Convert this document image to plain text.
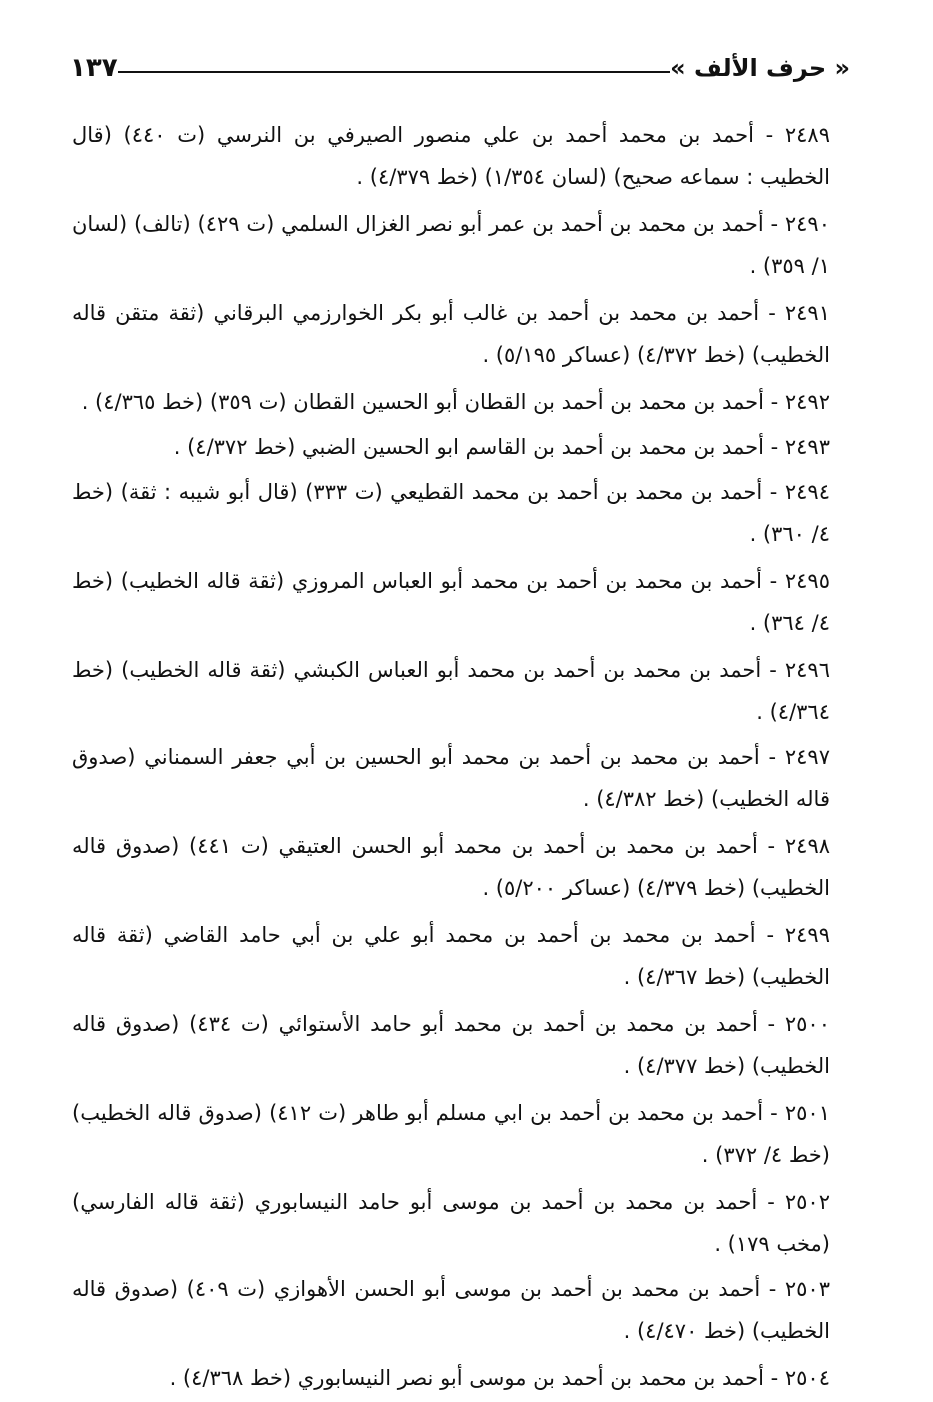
١٣٧	« حرف الألف »
٢٤٨٩ - أحمد بن محمد أحمد بن علي منصور الصيرفي بن النرسي (ت ٤٤٠) (قال الخطيب : سماعه صحيح) (لسان ١/٣٥٤) (خط ٤/٣٧٩) .
٢٤٩٠ - أحمد بن محمد بن أحمد بن عمر أبو نصر الغزال السلمي (ت ٤٢٩) (تالف) (لسان ١/ ٣٥٩) .
٢٤٩١ - أحمد بن محمد بن أحمد بن غالب أبو بكر الخوارزمي البرقاني (ثقة متقن قاله الخطيب) (خط ٤/٣٧٢) (عساكر ٥/١٩٥) .
٢٤٩٢ - أحمد بن محمد بن أحمد بن القطان أبو الحسين القطان (ت ٣٥٩) (خط ٤/٣٦٥) .
٢٤٩٣ - أحمد بن محمد بن أحمد بن القاسم ابو الحسين الضبي (خط ٤/٣٧٢) .
٢٤٩٤ - أحمد بن محمد بن أحمد بن محمد القطيعي (ت ٣٣٣) (قال أبو شيبه : ثقة) (خط ٤/ ٣٦٠) .
٢٤٩٥ - أحمد بن محمد بن أحمد بن محمد أبو العباس المروزي (ثقة قاله الخطيب) (خط ٤/ ٣٦٤) .
٢٤٩٦ - أحمد بن محمد بن أحمد بن محمد أبو العباس الكبشي (ثقة قاله الخطيب) (خط ٤/٣٦٤) .
٢٤٩٧ - أحمد بن محمد بن أحمد بن محمد أبو الحسين بن أبي جعفر السمناني (صدوق قاله الخطيب) (خط ٤/٣٨٢) .
٢٤٩٨ - أحمد بن محمد بن أحمد بن محمد أبو الحسن العتيقي (ت ٤٤١) (صدوق قاله الخطيب) (خط ٤/٣٧٩) (عساكر ٥/٢٠٠) .
٢٤٩٩ - أحمد بن محمد بن أحمد بن محمد أبو علي بن أبي حامد القاضي (ثقة قاله الخطيب) (خط ٤/٣٦٧) .
٢٥٠٠ - أحمد بن محمد بن أحمد بن محمد أبو حامد الأستوائي (ت ٤٣٤) (صدوق قاله الخطيب) (خط ٤/٣٧٧) .
٢٥٠١ - أحمد بن محمد بن أحمد بن ابي مسلم أبو طاهر (ت ٤١٢) (صدوق قاله الخطيب) (خط ٤/ ٣٧٢) .
٢٥٠٢ - أحمد بن محمد بن أحمد بن موسى أبو حامد النيسابوري (ثقة قاله الفارسي) (مخب ١٧٩) .
٢٥٠٣ - أحمد بن محمد بن أحمد بن موسى أبو الحسن الأهوازي (ت ٤٠٩) (صدوق قاله الخطيب) (خط ٤/٤٧٠) .
٢٥٠٤ - أحمد بن محمد بن أحمد بن موسى أبو نصر النيسابوري (خط ٤/٣٦٨) .
